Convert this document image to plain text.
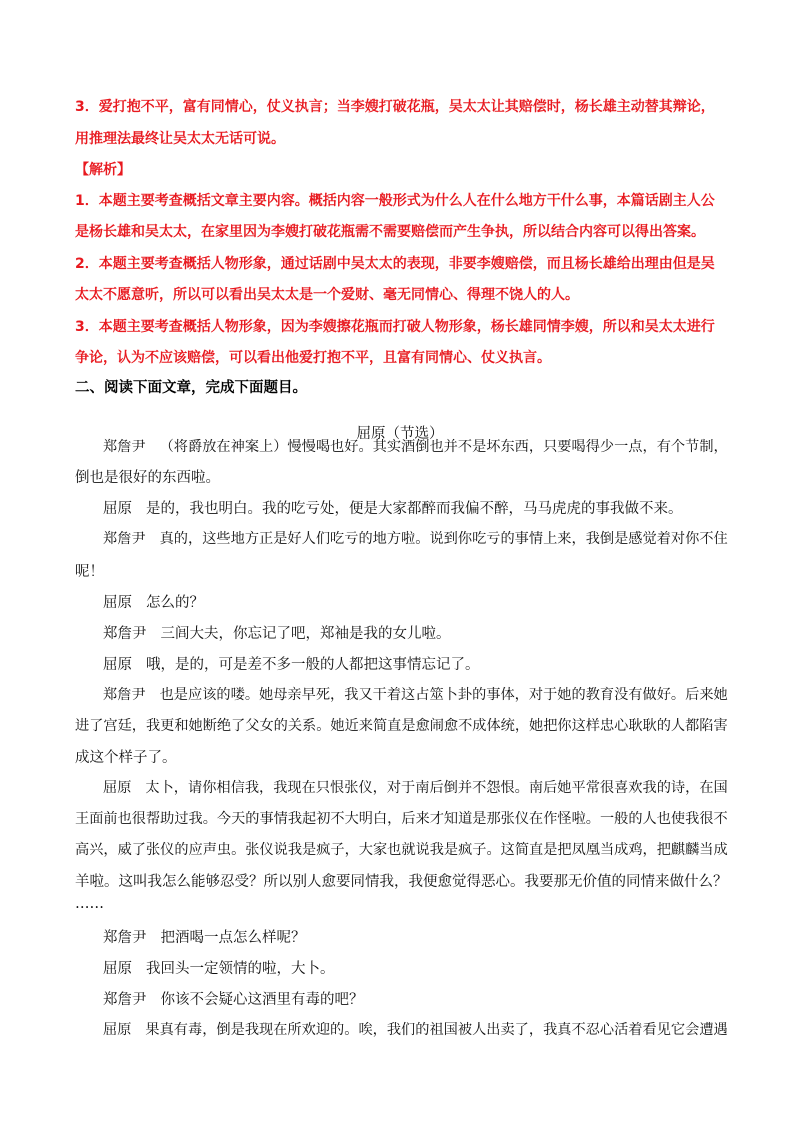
3．爱打抱不平，富有同情心，仗义执言；当李嫂打破花瓶，吴太太让其赔偿时，杨长雄主动替其辩论，

用推理法最终让吴太太无话可说。

【解析】

1．本题主要考查概括文章主要内容。概括内容一般形式为什么人在什么地方干什么事，本篇话剧主人公

是杨长雄和吴太太，在家里因为李嫂打破花瓶需不需要赔偿而产生争执，所以结合内容可以得出答案。

2．本题主要考查概括人物形象，通过话剧中吴太太的表现，非要李嫂赔偿，而且杨长雄给出理由但是吴

太太不愿意听，所以可以看出吴太太是一个爱财、毫无同情心、得理不饶人的人。

3．本题主要考查概括人物形象，因为李嫂擦花瓶而打破人物形象，杨长雄同情李嫂，所以和吴太太进行

争论，认为不应该赔偿，可以看出他爱打抱不平，且富有同情心、仗义执言。

二、阅读下面文章，完成下面题目。

屈原（节选）

郑詹尹 （将爵放在神案上）慢慢喝也好。其实酒倒也并不是坏东西，只要喝得少一点，有个节制，

倒也是很好的东西啦。

屈原 是的，我也明白。我的吃亏处，便是大家都醉而我偏不醉，马马虎虎的事我做不来。

郑詹尹 真的，这些地方正是好人们吃亏的地方啦。说到你吃亏的事情上来，我倒是感觉着对你不住

呢！

屈原 怎么的？

郑詹尹 三闾大夫，你忘记了吧，郑袖是我的女儿啦。

屈原 哦，是的，可是差不多一般的人都把这事情忘记了。

郑詹尹 也是应该的喽。她母亲早死，我又干着这占筮卜卦的事体，对于她的教育没有做好。后来她

进了宫廷，我更和她断绝了父女的关系。她近来简直是愈闹愈不成体统，她把你这样忠心耿耿的人都陷害

成这个样子了。

屈原 太卜，请你相信我，我现在只恨张仪，对于南后倒并不怨恨。南后她平常很喜欢我的诗，在国

王面前也很帮助过我。今天的事情我起初不大明白，后来才知道是那张仪在作怪啦。一般的人也使我很不

高兴，威了张仪的应声虫。张仪说我是疯子，大家也就说我是疯子。这简直是把凤凰当成鸡，把麒麟当成

羊啦。这叫我怎么能够忍受？所以别人愈要同情我，我便愈觉得恶心。我要那无价值的同情来做什么？

……

郑詹尹 把酒喝一点怎么样呢？

屈原 我回头一定领情的啦，大卜。

郑詹尹 你该不会疑心这酒里有毒的吧？

屈原 果真有毒，倒是我现在所欢迎的。唉，我们的祖国被人出卖了，我真不忍心活着看见它会遭遇
